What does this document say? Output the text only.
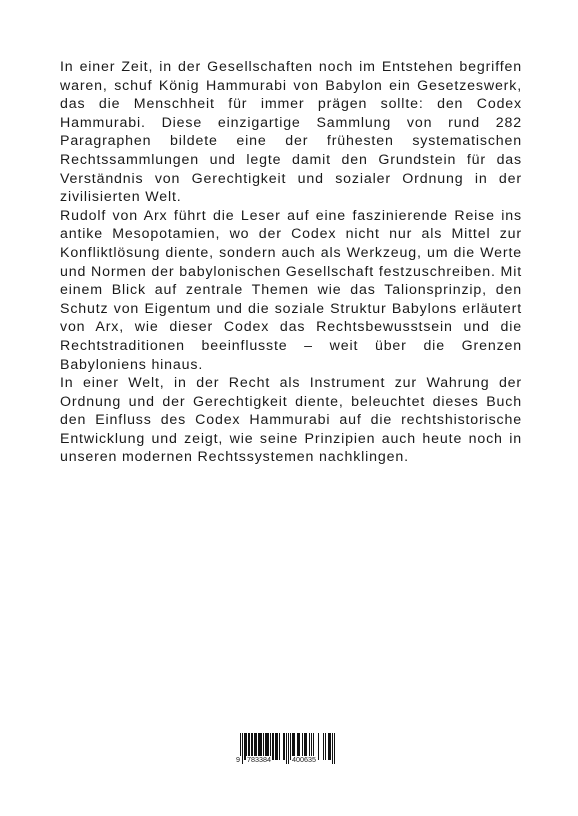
In einer Zeit, in der Gesellschaften noch im Entstehen begriffen waren, schuf König Hammurabi von Babylon ein Gesetzeswerk, das die Menschheit für immer prägen sollte: den Codex Hammurabi. Diese einzigartige Sammlung von rund 282 Paragraphen bildete eine der frühesten systematischen Rechtssammlungen und legte damit den Grundstein für das Verständnis von Gerechtigkeit und sozialer Ordnung in der zivilisierten Welt.

Rudolf von Arx führt die Leser auf eine faszinierende Reise ins antike Mesopotamien, wo der Codex nicht nur als Mittel zur Konfliktlösung diente, sondern auch als Werkzeug, um die Werte und Normen der babylonischen Gesellschaft festzuschreiben. Mit einem Blick auf zentrale Themen wie das Talionsprinzip, den Schutz von Eigentum und die soziale Struktur Babylons erläutert von Arx, wie dieser Codex das Rechtsbewusstsein und die Rechtstraditionen beeinflusste – weit über die Grenzen Babyloniens hinaus.

In einer Welt, in der Recht als Instrument zur Wahrung der Ordnung und der Gerechtigkeit diente, beleuchtet dieses Buch den Einfluss des Codex Hammurabi auf die rechtshistorische Entwicklung und zeigt, wie seine Prinzipien auch heute noch in unseren modernen Rechtssystemen nachklingen.

9 783384	400635
